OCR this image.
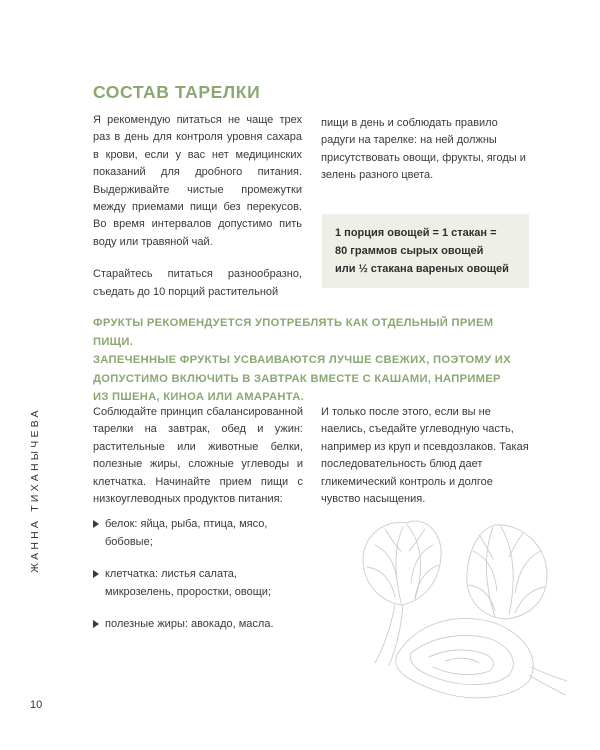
ЖАННА ТИХАНЫЧЕВА
СОСТАВ ТАРЕЛКИ

Я рекомендую питаться не чаще трех раз в день для контроля уровня сахара в крови, если у вас нет медицинских показаний для дробного питания. Выдерживайте чистые промежутки между приемами пищи без перекусов. Во время интервалов допустимо пить воду или травяной чай.

Старайтесь питаться разнообразно, съедать до 10 порций растительной

пищи в день и соблюдать правило радуги на тарелке: на ней должны присутствовать овощи, фрукты, ягоды и зелень разного цвета.

1 порция овощей = 1 стакан =
80 граммов сырых овощей
или ½ стакана вареных овощей
ФРУКТЫ РЕКОМЕНДУЕТСЯ УПОТРЕБЛЯТЬ КАК ОТДЕЛЬНЫЙ ПРИЕМ ПИЩИ.
ЗАПЕЧЕННЫЕ ФРУКТЫ УСВАИВАЮТСЯ ЛУЧШЕ СВЕЖИХ, ПОЭТОМУ ИХ
ДОПУСТИМО ВКЛЮЧИТЬ В ЗАВТРАК ВМЕСТЕ С КАШАМИ, НАПРИМЕР
ИЗ ПШЕНА, КИНОА ИЛИ АМАРАНТА.

Соблюдайте принцип сбалансированной тарелки на завтрак, обед и ужин: растительные или животные белки, полезные жиры, сложные углеводы и клетчатка. Начинайте прием пищи с низкоуглеводных продуктов питания:

И только после этого, если вы не наелись, съедайте углеводную часть, например из круп и псевдозлаков. Такая последовательность блюд дает гликемический контроль и долгое чувство насыщения.

белок: яйца, рыба, птица, мясо, бобовые;
клетчатка: листья салата, микрозелень, проростки, овощи;
полезные жиры: авокадо, масла.
10
